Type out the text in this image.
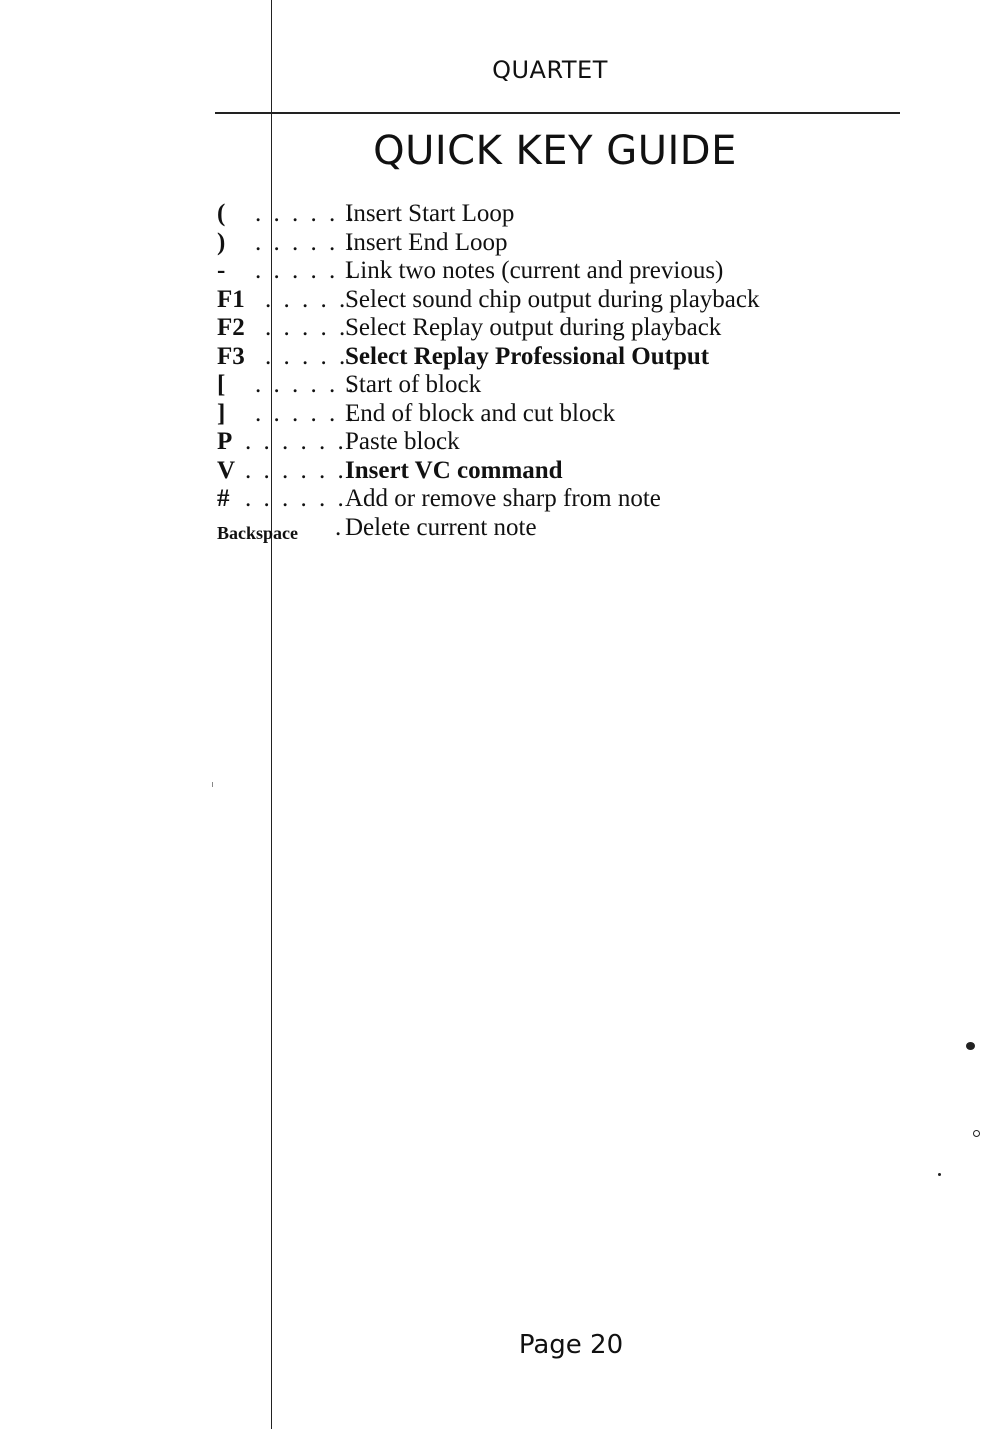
QUARTET
QUICK KEY GUIDE
( . . . . . .
Insert Start Loop
) . . . . . .
Insert End Loop
- . . . . . .
Link two notes (current and previous)
F1 . . . . .
Select sound chip output during playback
F2 . . . . .
Select Replay output during playback
F3 . . . . .
Select Replay Professional Output
[ . . . . . .
Start of block
] . . . . . .
End of block and cut block
P . . . . . .
Paste block
V . . . . . .
Insert VC command
# . . . . . .
Add or remove sharp from note
Backspace . Delete current note
Page 20
